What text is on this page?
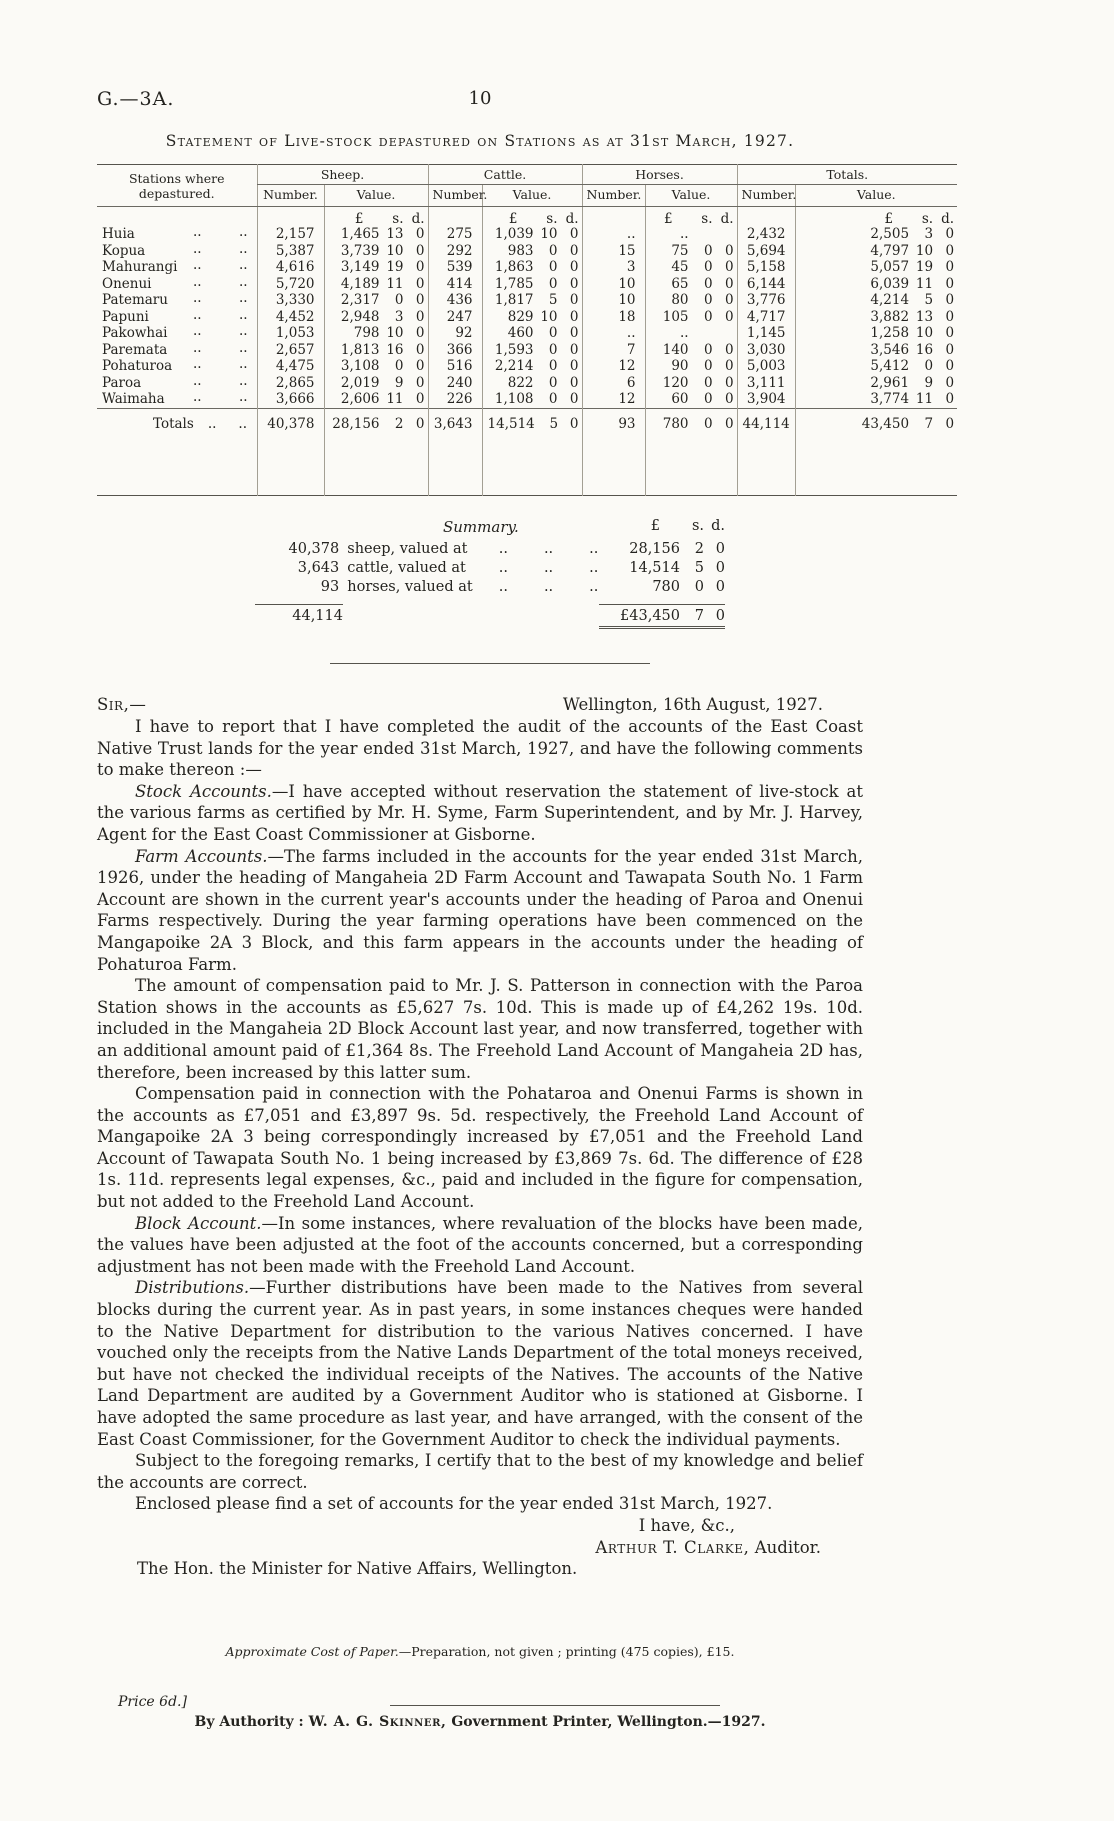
G.—3A.	10
Statement of Live-stock depastured on Stations as at 31st March, 1927.
Stations where depastured.	Sheep.		Cattle.		Horses.		Totals.	
	Number.	Value.	Number.	Value.	Number.	Value.	Number.	Value.

		£ s. d.		£ s. d.		£ s. d.		£ s. d.

Huia .. ..	2,157	1,465 13 0	275	1,039 10 0	..	..	2,432	2,505 3 0

Kopua .. ..	5,387	3,739 10 0	292	983 0 0	15	75 0 0	5,694	4,797 10 0

Mahurangi .. ..	4,616	3,149 19 0	539	1,863 0 0	3	45 0 0	5,158	5,057 19 0

Onenui .. ..	5,720	4,189 11 0	414	1,785 0 0	10	65 0 0	6,144	6,039 11 0

Patemaru .. ..	3,330	2,317 0 0	436	1,817 5 0	10	80 0 0	3,776	4,214 5 0

Papuni .. ..	4,452	2,948 3 0	247	829 10 0	18	105 0 0	4,717	3,882 13 0

Pakowhai .. ..	1,053	798 10 0	92	460 0 0	..	..	1,145	1,258 10 0

Paremata .. ..	2,657	1,813 16 0	366	1,593 0 0	7	140 0 0	3,030	3,546 16 0

Pohaturoa .. ..	4,475	3,108 0 0	516	2,214 0 0	12	90 0 0	5,003	5,412 0 0

Paroa .. ..	2,865	2,019 9 0	240	822 0 0	6	120 0 0	3,111	2,961 9 0

Waimaha .. ..	3,666	2,606 11 0	226	1,108 0 0	12	60 0 0	3,904	3,774 11 0

Totals .. ..	40,378	28,156 2 0	3,643	14,514 5 0	93	780 0 0	44,114	43,450 7 0

Summary.	£	s. d.
40,378 sheep, valued at	.. .. ..	28,156	2 0
3,643 cattle, valued at	.. .. ..	14,514	5 0
93 horses, valued at	.. .. ..	780	0 0
44,114	£43,450	7 0
Sir,—	Wellington, 16th August, 1927.

I have to report that I have completed the audit of the accounts of the East Coast Native Trust lands for the year ended 31st March, 1927, and have the following comments to make thereon :—

Stock Accounts.—I have accepted without reservation the statement of live-stock at the various farms as certified by Mr. H. Syme, Farm Superintendent, and by Mr. J. Harvey, Agent for the East Coast Commissioner at Gisborne.

Farm Accounts.—The farms included in the accounts for the year ended 31st March, 1926, under the heading of Mangaheia 2D Farm Account and Tawapata South No. 1 Farm Account are shown in the current year's accounts under the heading of Paroa and Onenui Farms respectively. During the year farming operations have been commenced on the Mangapoike 2A 3 Block, and this farm appears in the accounts under the heading of Pohaturoa Farm.

The amount of compensation paid to Mr. J. S. Patterson in connection with the Paroa Station shows in the accounts as £5,627 7s. 10d. This is made up of £4,262 19s. 10d. included in the Mangaheia 2D Block Account last year, and now transferred, together with an additional amount paid of £1,364 8s. The Freehold Land Account of Mangaheia 2D has, therefore, been increased by this latter sum.

Compensation paid in connection with the Pohataroa and Onenui Farms is shown in the accounts as £7,051 and £3,897 9s. 5d. respectively, the Freehold Land Account of Mangapoike 2A 3 being correspondingly increased by £7,051 and the Freehold Land Account of Tawapata South No. 1 being increased by £3,869 7s. 6d. The difference of £28 1s. 11d. represents legal expenses, &c., paid and included in the figure for compensation, but not added to the Freehold Land Account.

Block Account.—In some instances, where revaluation of the blocks have been made, the values have been adjusted at the foot of the accounts concerned, but a corresponding adjustment has not been made with the Freehold Land Account.

Distributions.—Further distributions have been made to the Natives from several blocks during the current year. As in past years, in some instances cheques were handed to the Native Department for distribution to the various Natives concerned. I have vouched only the receipts from the Native Lands Department of the total moneys received, but have not checked the individual receipts of the Natives. The accounts of the Native Land Department are audited by a Government Auditor who is stationed at Gisborne. I have adopted the same procedure as last year, and have arranged, with the consent of the East Coast Commissioner, for the Government Auditor to check the individual payments.

Subject to the foregoing remarks, I certify that to the best of my knowledge and belief the accounts are correct.

Enclosed please find a set of accounts for the year ended 31st March, 1927.

I have, &c.,
Arthur T. Clarke, Auditor.
The Hon. the Minister for Native Affairs, Wellington.
Approximate Cost of Paper.—Preparation, not given ; printing (475 copies), £15.
By Authority : W. A. G. Skinner, Government Printer, Wellington.—1927.
Price 6d.]
